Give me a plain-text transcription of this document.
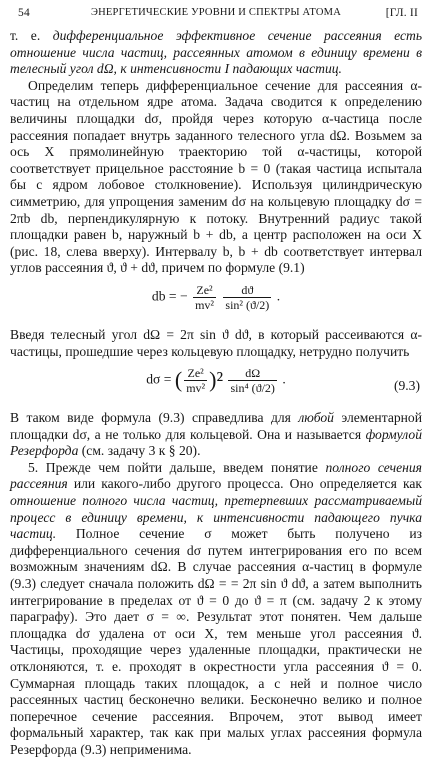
54	ЭНЕРГЕТИЧЕСКИЕ УРОВНИ И СПЕКТРЫ АТОМА	[ГЛ. II

т. е. дифференциальное эффективное сечение рассеяния есть отношение числа частиц, рассеянных атомом в единицу времени в телесный угол dΩ, к интенсивности I падающих частиц.

Определим теперь дифференциальное сечение для рассеяния α-частиц на отдельном ядре атома. Задача сводится к определению величины площадки dσ, пройдя через которую α-частица после рассеяния попадает внутрь заданного телесного угла dΩ. Возьмем за ось X прямолинейную траекторию той α-частицы, которой соответствует прицельное расстояние b = 0 (такая частица испытала бы с ядром лобовое столкновение). Используя цилиндрическую симметрию, для упрощения заменим dσ на кольцевую площадку dσ = 2πb db, перпендикулярную к потоку. Внутренний радиус такой площадки равен b, наружный b + db, а центр расположен на оси X (рис. 18, слева вверху). Интервалу b, b + db соответствует интервал углов рассеяния ϑ, ϑ + dϑ, причем по формуле (9.1)

db = − $\frac{\text{Ze²}}{\text{mv²}}$
$\frac{dϑ}{\text{sin² (ϑ/2)}}$ .

Введя телесный угол dΩ = 2π sin ϑ dϑ, в который рассеиваются α-частицы, прошедшие через кольцевую площадку, нетрудно получить

dσ = ( $\frac{\text{Ze²}}{\text{mv²}} )^2 \frac{d\Omega}{\text{sin⁴ (ϑ/2)}}$ .	(9.3)

В таком виде формула (9.3) справедлива для любой элементарной площадки dσ, а не только для кольцевой. Она и называется формулой Резерфорда (см. задачу 3 к § 20).

5. Прежде чем пойти дальше, введем понятие полного сечения рассеяния или какого-либо другого процесса. Оно определяется как отношение полного числа частиц, претерпевших рассматриваемый процесс в единицу времени, к интенсивности падающего пучка частиц. Полное сечение σ может быть получено из дифференциального сечения dσ путем интегрирования его по всем возможным значениям dΩ. В случае рассеяния α-частиц в формуле (9.3) следует сначала положить dΩ = = 2π sin ϑ dϑ, а затем выполнить интегрирование в пределах от ϑ = 0 до ϑ = π (см. задачу 2 к этому параграфу). Это дает σ = ∞. Результат этот понятен. Чем дальше площадка dσ удалена от оси X, тем меньше угол рассеяния ϑ. Частицы, проходящие через удаленные площадки, практически не отклоняются, т. е. проходят в окрестности угла рассеяния ϑ = 0. Суммарная площадь таких площадок, а с ней и полное число рассеянных частиц бесконечно велики. Бесконечно велико и полное поперечное сечение рассеяния. Впрочем, этот вывод имеет формальный характер, так как при малых углах рассеяния формула Резерфорда (9.3) неприменима.
